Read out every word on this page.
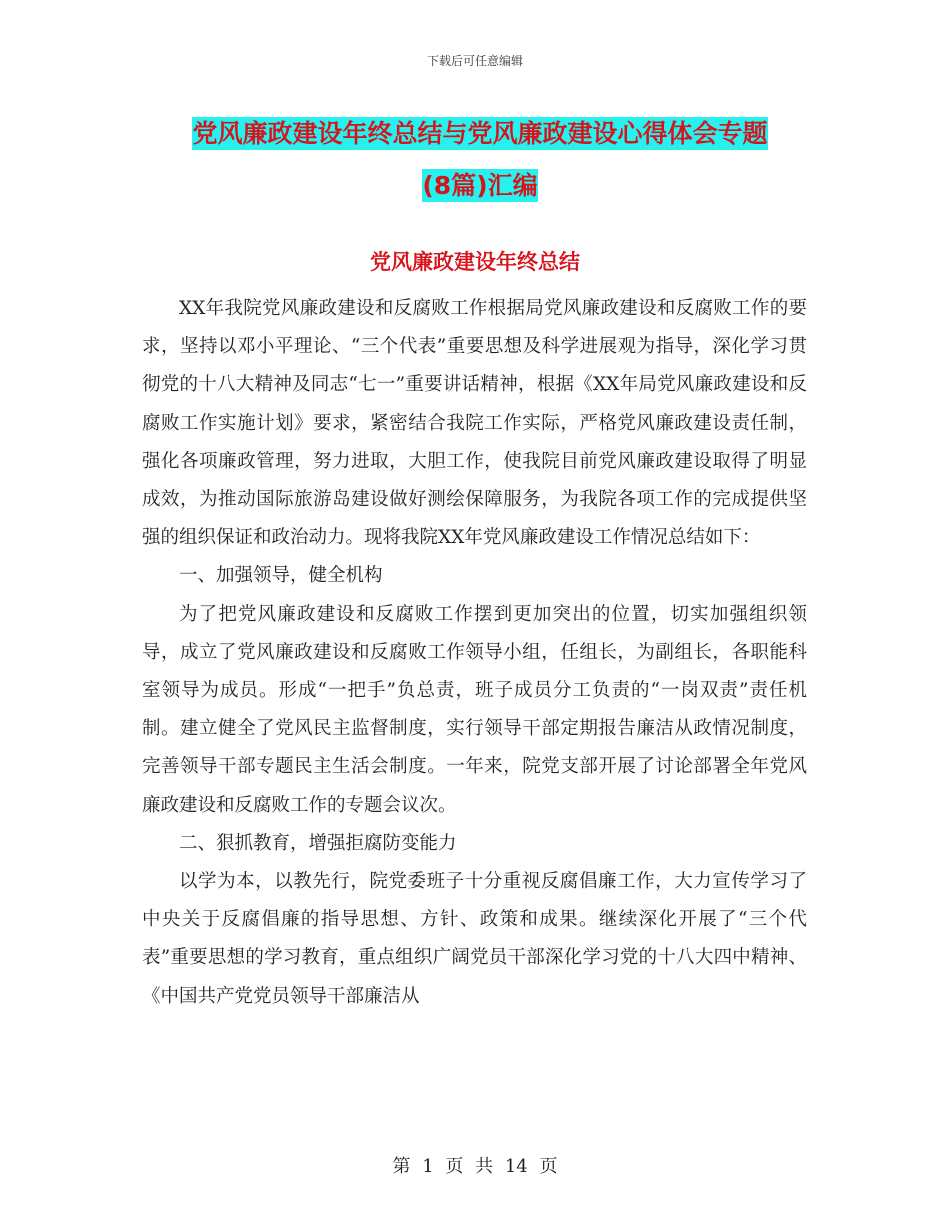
下载后可任意编辑
党风廉政建设年终总结与党风廉政建设心得体会专题
(8篇)汇编
党风廉政建设年终总结

XX年我院党风廉政建设和反腐败工作根据局党风廉政建设和反腐败工作的要求，坚持以邓小平理论、“三个代表”重要思想及科学进展观为指导，深化学习贯彻党的十八大精神及同志“七一”重要讲话精神，根据《XX年局党风廉政建设和反腐败工作实施计划》要求，紧密结合我院工作实际，严格党风廉政建设责任制，强化各项廉政管理，努力进取，大胆工作，使我院目前党风廉政建设取得了明显成效，为推动国际旅游岛建设做好测绘保障服务，为我院各项工作的完成提供坚强的组织保证和政治动力。现将我院XX年党风廉政建设工作情况总结如下：

一、加强领导，健全机构

为了把党风廉政建设和反腐败工作摆到更加突出的位置，切实加强组织领导，成立了党风廉政建设和反腐败工作领导小组，任组长，为副组长，各职能科室领导为成员。形成“一把手”负总责，班子成员分工负责的“一岗双责”责任机制。建立健全了党风民主监督制度，实行领导干部定期报告廉洁从政情况制度，完善领导干部专题民主生活会制度。一年来，院党支部开展了讨论部署全年党风廉政建设和反腐败工作的专题会议次。

二、狠抓教育，增强拒腐防变能力

以学为本，以教先行，院党委班子十分重视反腐倡廉工作，大力宣传学习了中央关于反腐倡廉的指导思想、方针、政策和成果。继续深化开展了“三个代表”重要思想的学习教育，重点组织广阔党员干部深化学习党的十八大四中精神、《中国共产党党员领导干部廉洁从

第 1 页 共 14 页
